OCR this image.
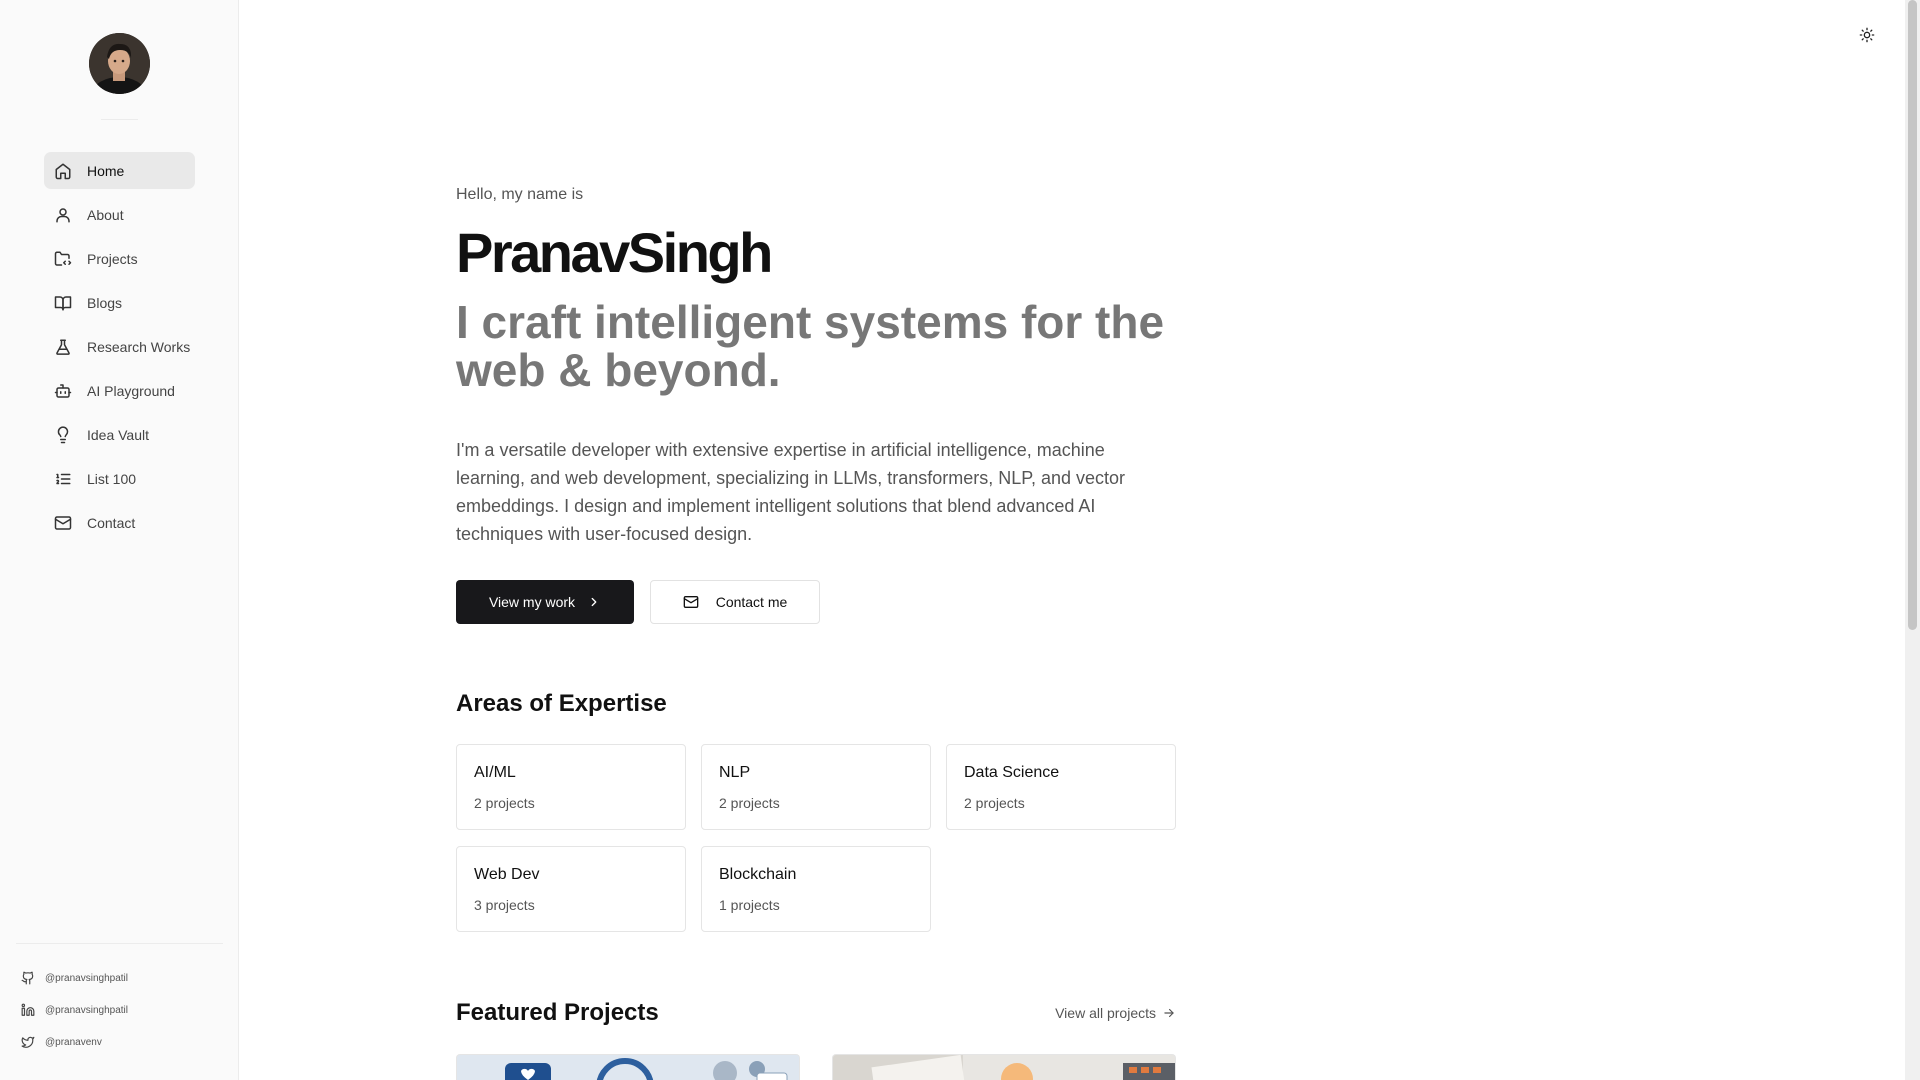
Home
About
Projects
Blogs
Research Works
AI Playground
Idea Vault
List 100
Contact
@pranavsinghpatil
@pranavsinghpatil
@pranavenv
Hello, my name is
PranavSingh
I craft intelligent systems for the web & beyond.

I'm a versatile developer with extensive expertise in artificial intelligence, machine learning, and web development, specializing in LLMs, transformers, NLP, and vector embeddings. I design and implement intelligent solutions that blend advanced AI techniques with user-focused design.

View my work	Contact me
Areas of Expertise
AI/ML
2 projects
NLP
2 projects
Data Science
2 projects
Web Dev
3 projects
Blockchain
1 projects
Featured Projects	View all projects
